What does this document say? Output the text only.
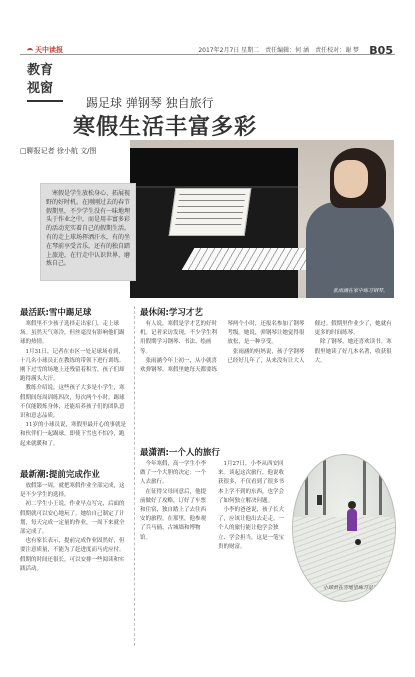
天中读报	2017年2月7日 星期二　责任编辑：何 涵　责任校对：谢 梦 B05
教育
视窗
踢足球 弹钢琴 独自旅行
寒假生活丰富多彩
□聊报记者 徐小航 文/图
张雨涵在家中练习钢琴。

寒假是学生放松身心、拓展视野的好时机。在刚刚过去的春节假期里，不少学生没有一味地埋头于作业之中，而是用丰富多彩的活动充实着自己的假期生活。有的走上球场挥洒汗水，有的坐在琴前享受音乐，还有的独自踏上旅途，在行走中认识世界、磨炼自己。

最活跃:雪中踢足球

寒假里不少孩子选择走出家门，走上球场。虽然天气寒冷，但丝毫没有影响他们踢球的热情。

1月31日，记者在市区一处足球场看到，十几名小球员正在教练的带领下进行训练。刚下过雪的场地上还残留着积雪，孩子们却跑得满头大汗。

教练介绍说，这些孩子大多是小学生，寒假期间每周训练四次，每次两个小时。踢球不仅能锻炼身体，还能培养孩子们的团队意识和意志品质。

11岁的小球员说，寒假里最开心的事就是和伙伴们一起踢球，即使下雪也不怕冷，跑起来就暖和了。

最新潮:提前完成作业

放假第一周，就把寒假作业全部完成，这是不少学生的选择。

初二学生小王说，作业早点写完，后面的假期就可以安心地玩了。她给自己制定了计划，每天完成一定量的作业，一周下来就全部完成了。

也有家长表示，提前完成作业固然好，但要注意质量，不能为了赶进度而马虎应付。假期的时间还很长，可以安排一些阅读和实践活动。

最休闲:学习才艺

有人说，寒假是学才艺的好时机。记者采访发现，不少学生利用假期学习钢琴、书法、绘画等。

张雨涵今年上初一，从小就喜欢弹钢琴。寒假里她每天都要练琴两个小时，还报名参加了钢琴考级。她说，弹钢琴让她觉得很放松，是一种享受。

张雨涵的妈妈说，孩子学钢琴已经好几年了，从来没有让大人催过。假期里作业少了，她就有更多的时间练琴。

除了钢琴，她还喜欢读书。寒假里她读了好几本名著，收获很大。

最潇洒:一个人的旅行

今年寒假，高一学生小李做了一个大胆的决定：一个人去旅行。

在征得父母同意后，他提前做好了攻略，订好了车票和住宿，独自踏上了去往西安的旅程。在那里，他参观了兵马俑、古城墙和博物馆。

1月27日，小李从西安回来。谈起这次旅行，他说收获很多，不仅看到了很多书本上学不到的东西，也学会了如何独立解决问题。

小李的爸爸说，孩子长大了，应该让他出去走走。一个人的旅行能让他学会独立、学会担当，这是一笔宝贵的财富。

小球员在雪地里练习足球。
